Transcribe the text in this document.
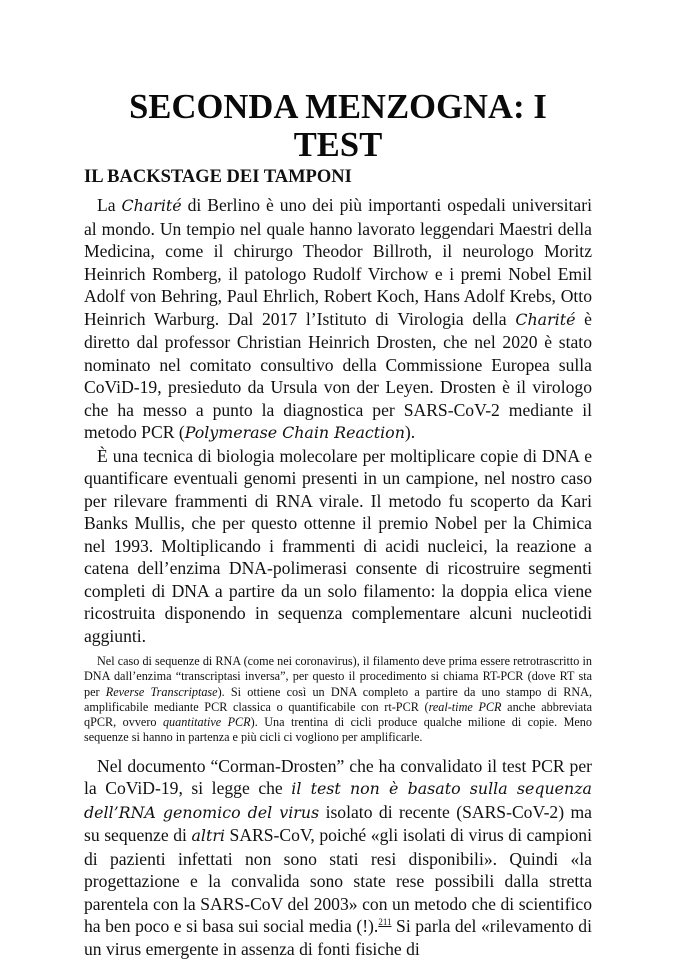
SECONDA MENZOGNA: I TEST
IL BACKSTAGE DEI TAMPONI

La Charité di Berlino è uno dei più importanti ospedali universitari al mondo. Un tempio nel quale hanno lavorato leggendari Maestri della Medicina, come il chirurgo Theodor Billroth, il neurologo Moritz Heinrich Romberg, il patologo Rudolf Virchow e i premi Nobel Emil Adolf von Behring, Paul Ehrlich, Robert Koch, Hans Adolf Krebs, Otto Heinrich Warburg. Dal 2017 l’Istituto di Virologia della Charité è diretto dal professor Christian Heinrich Drosten, che nel 2020 è stato nominato nel comitato consultivo della Commissione Europea sulla CoViD-19, presieduto da Ursula von der Leyen. Drosten è il virologo che ha messo a punto la diagnostica per SARS-CoV-2 mediante il metodo PCR (Polymerase Chain Reaction).

È una tecnica di biologia molecolare per moltiplicare copie di DNA e quantificare eventuali genomi presenti in un campione, nel nostro caso per rilevare frammenti di RNA virale. Il metodo fu scoperto da Kari Banks Mullis, che per questo ottenne il premio Nobel per la Chimica nel 1993. Moltiplicando i frammenti di acidi nucleici, la reazione a catena dell’enzima DNA-polimerasi consente di ricostruire segmenti completi di DNA a partire da un solo filamento: la doppia elica viene ricostruita disponendo in sequenza complementare alcuni nucleotidi aggiunti.

Nel caso di sequenze di RNA (come nei coronavirus), il filamento deve prima essere retrotrascritto in DNA dall’enzima “transcriptasi inversa”, per questo il procedimento si chiama RT-PCR (dove RT sta per Reverse Transcriptase). Si ottiene così un DNA completo a partire da uno stampo di RNA, amplificabile mediante PCR classica o quantificabile con rt-PCR (real-time PCR anche abbreviata qPCR, ovvero quantitative PCR). Una trentina di cicli produce qualche milione di copie. Meno sequenze si hanno in partenza e più cicli ci vogliono per amplificarle.

Nel documento “Corman-Drosten” che ha convalidato il test PCR per la CoViD-19, si legge che il test non è basato sulla sequenza dell’RNA genomico del virus isolato di recente (SARS-CoV-2) ma su sequenze di altri SARS-CoV, poiché «gli isolati di virus di campioni di pazienti infettati non sono stati resi disponibili». Quindi «la progettazione e la convalida sono state rese possibili dalla stretta parentela con la SARS-CoV del 2003» con un metodo che di scientifico ha ben poco e si basa sui social media (!).$^{211}$ Si parla del «rilevamento di un virus emergente in assenza di fonti fisiche di
